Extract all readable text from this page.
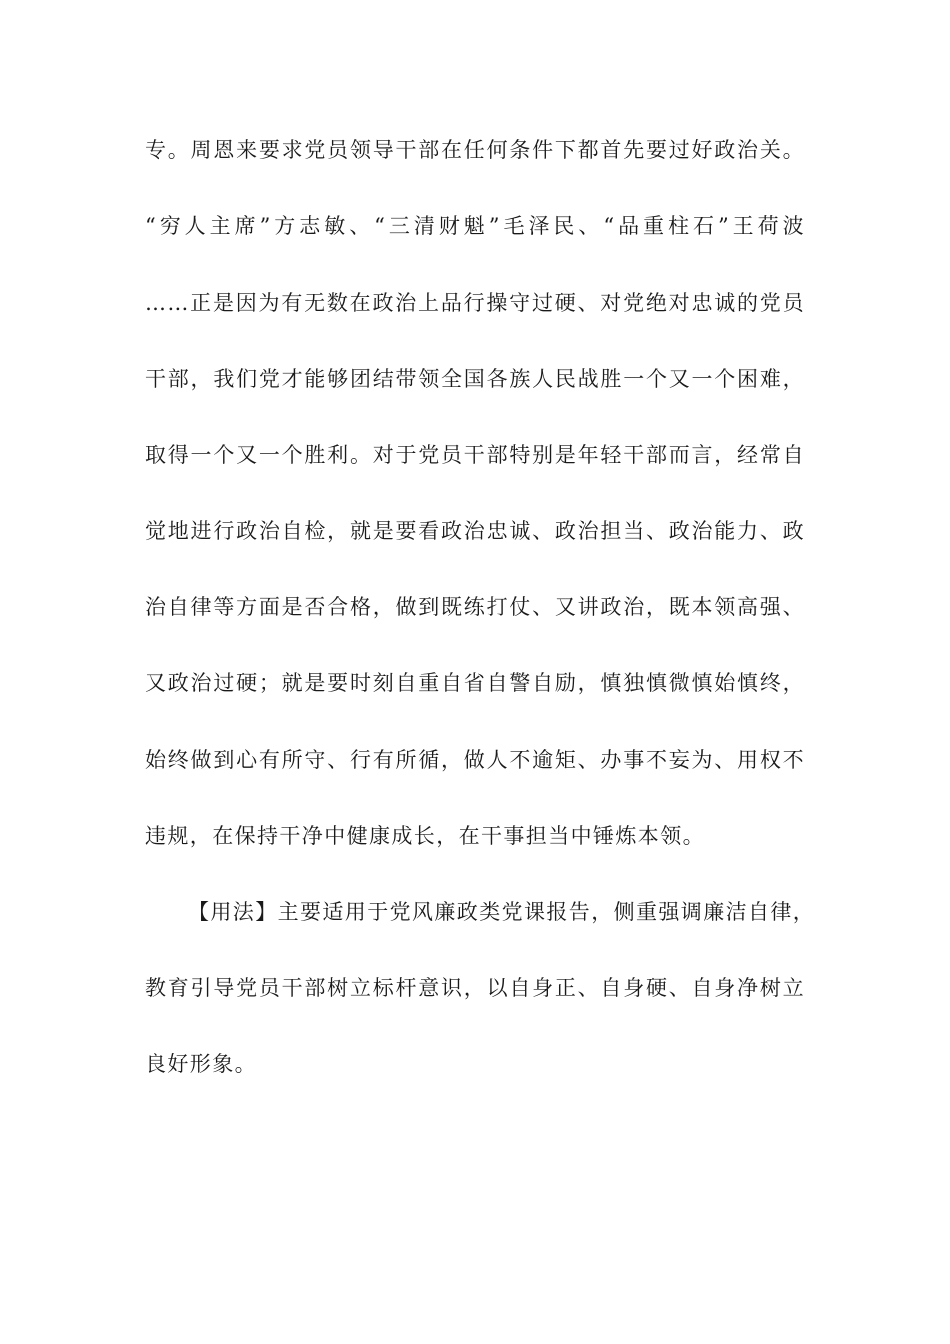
专。周恩来要求党员领导干部在任何条件下都首先要过好政治关。
“穷人主席”方志敏、“三清财魁”毛泽民、“品重柱石”王荷波
……正是因为有无数在政治上品行操守过硬、对党绝对忠诚的党员
干部，我们党才能够团结带领全国各族人民战胜一个又一个困难，
取得一个又一个胜利。对于党员干部特别是年轻干部而言，经常自
觉地进行政治自检，就是要看政治忠诚、政治担当、政治能力、政
治自律等方面是否合格，做到既练打仗、又讲政治，既本领高强、
又政治过硬；就是要时刻自重自省自警自励，慎独慎微慎始慎终，
始终做到心有所守、行有所循，做人不逾矩、办事不妄为、用权不
违规，在保持干净中健康成长，在干事担当中锤炼本领。
【用法】主要适用于党风廉政类党课报告，侧重强调廉洁自律，
教育引导党员干部树立标杆意识，以自身正、自身硬、自身净树立
良好形象。
